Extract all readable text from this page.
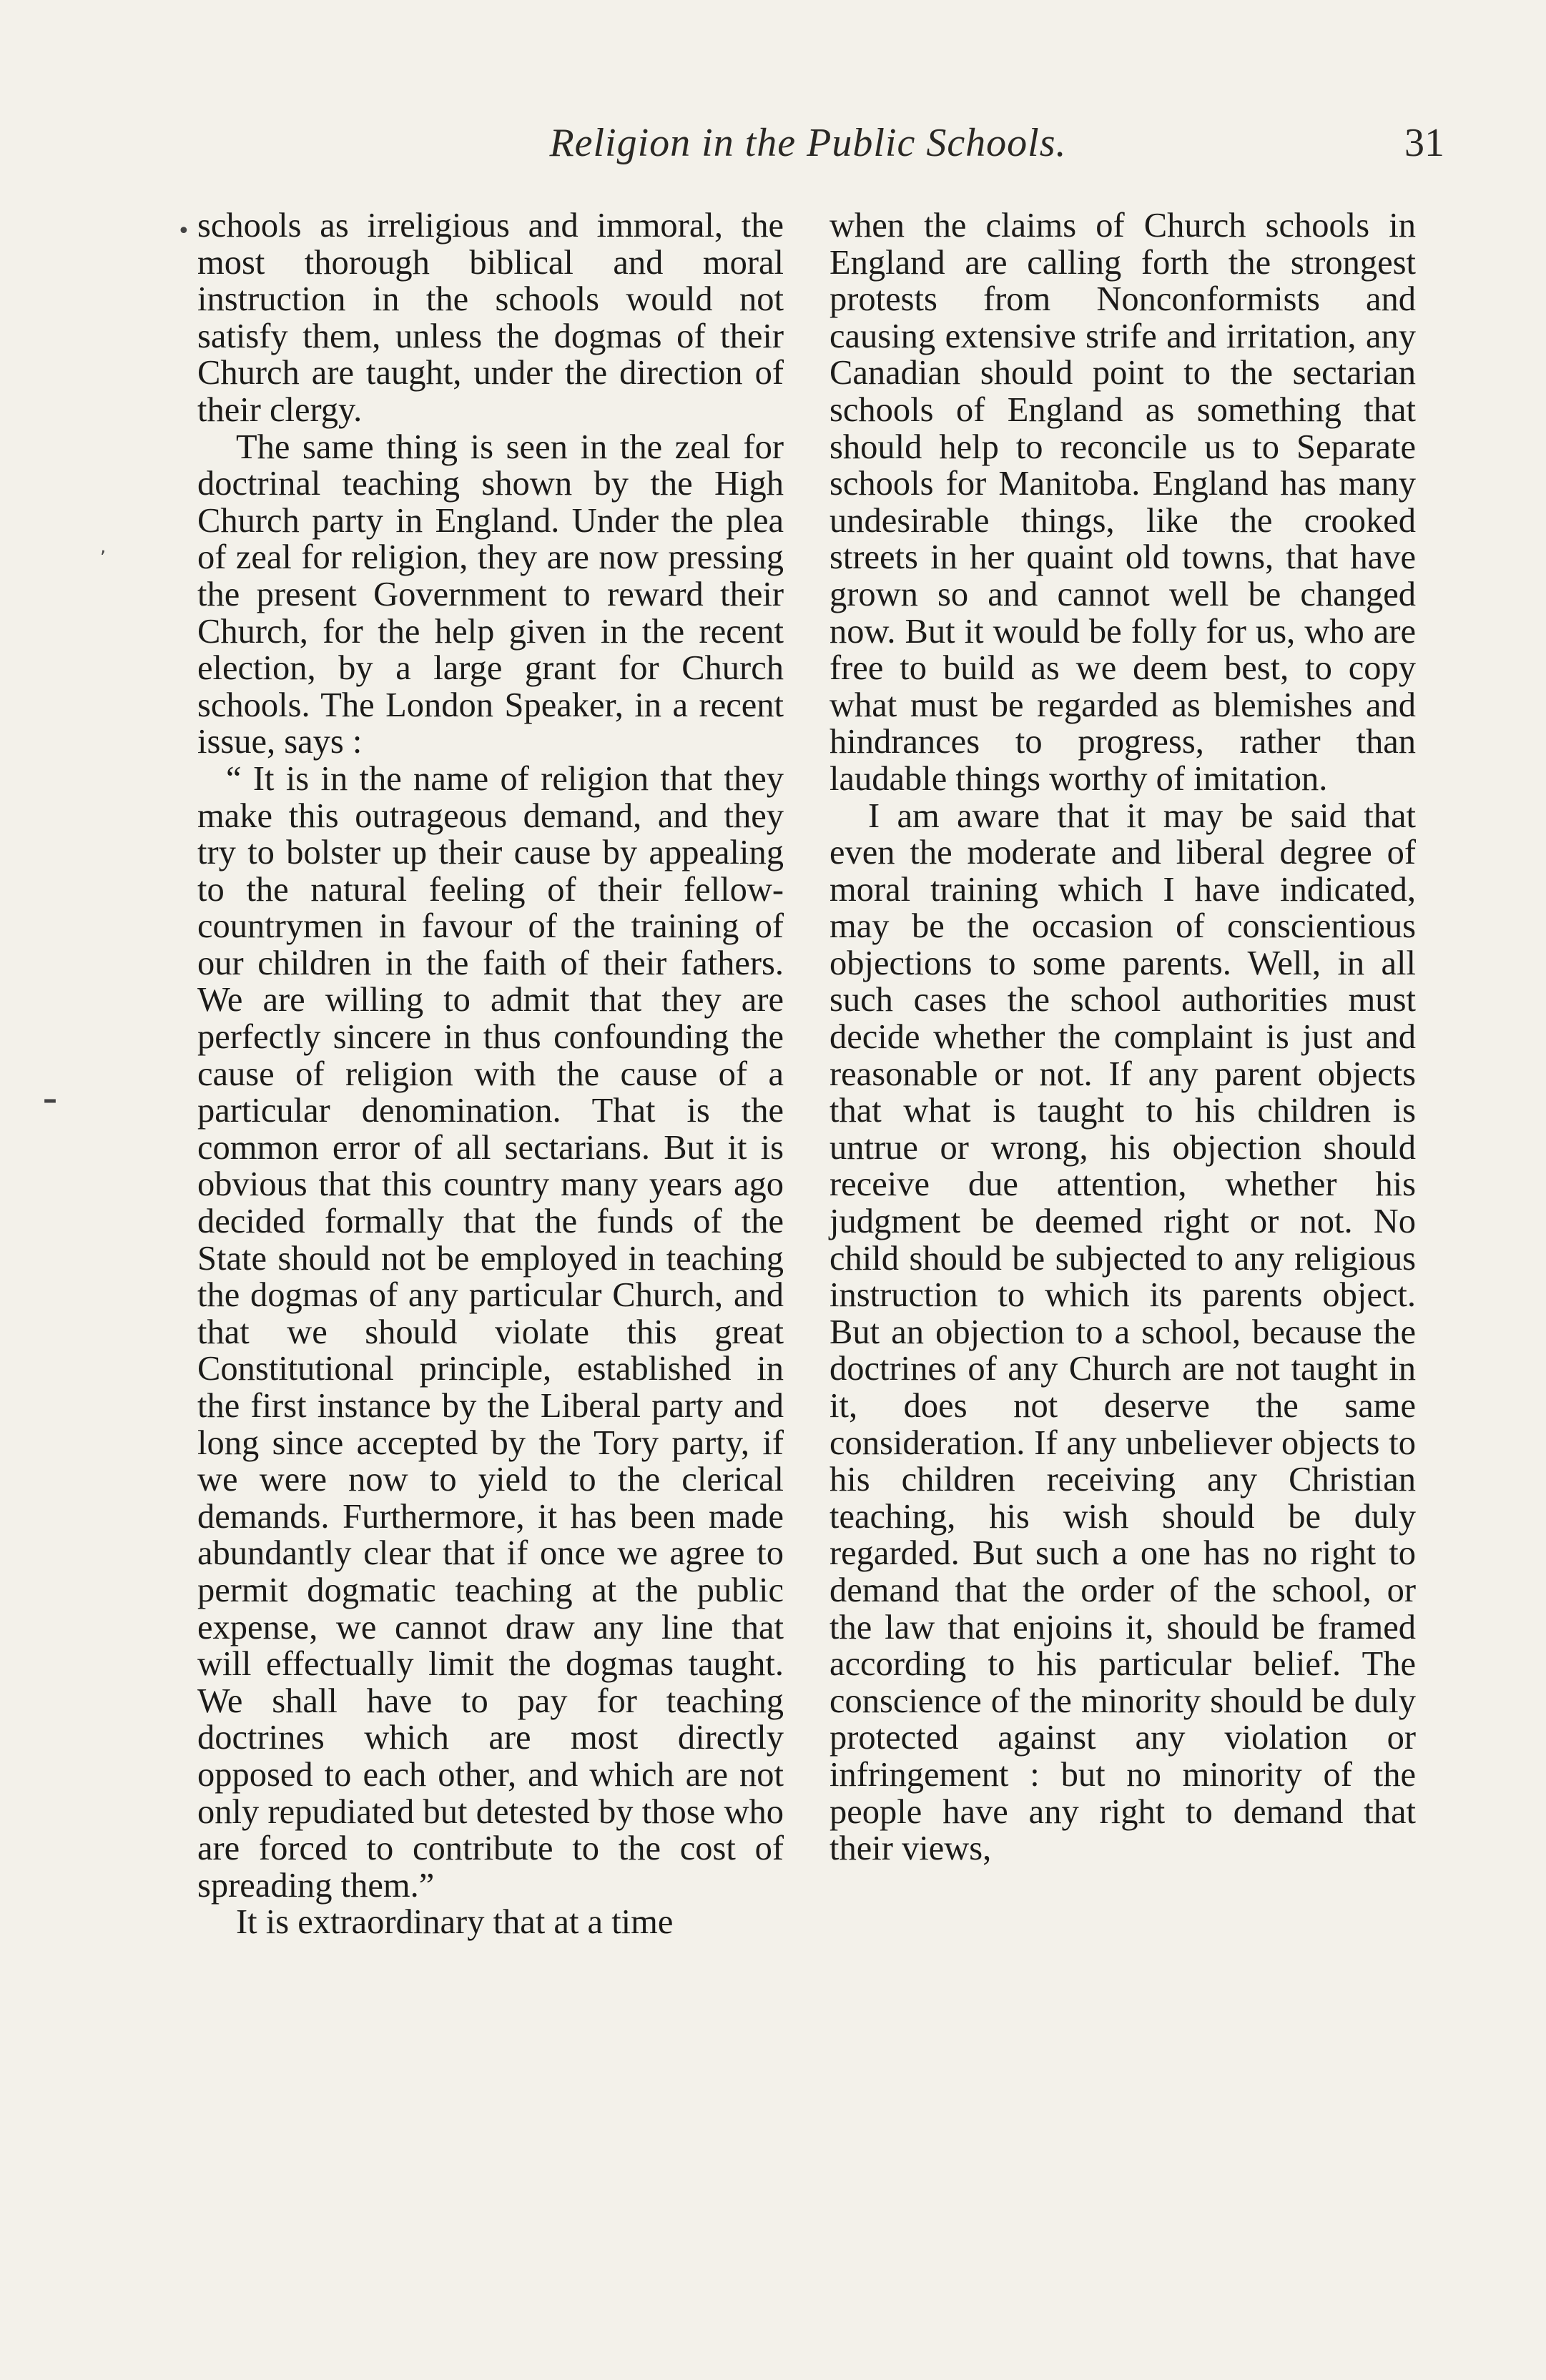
Religion in the Public Schools.	31
•
,
–

schools as irreligious and immoral, the most thorough biblical and moral instruction in the schools would not satisfy them, unless the dogmas of their Church are taught, under the direction of their clergy.

The same thing is seen in the zeal for doctrinal teaching shown by the High Church party in England. Under the plea of zeal for religion, they are now pressing the present Government to reward their Church, for the help given in the recent election, by a large grant for Church schools. The London Speaker, in a recent issue, says :

“ It is in the name of religion that they make this outrageous demand, and they try to bolster up their cause by appealing to the natural feeling of their fellow-countrymen in favour of the training of our children in the faith of their fathers. We are willing to admit that they are perfectly sincere in thus confounding the cause of religion with the cause of a particular denomination. That is the common error of all sectarians. But it is obvious that this country many years ago decided formally that the funds of the State should not be employed in teaching the dogmas of any particular Church, and that we should violate this great Constitutional principle, established in the first instance by the Liberal party and long since accepted by the Tory party, if we were now to yield to the clerical demands. Furthermore, it has been made abundantly clear that if once we agree to permit dogmatic teaching at the public expense, we cannot draw any line that will effectually limit the dogmas taught. We shall have to pay for teaching doctrines which are most directly opposed to each other, and which are not only repudiated but detested by those who are forced to contribute to the cost of spreading them.”

It is extraordinary that at a time

when the claims of Church schools in England are calling forth the strongest protests from Nonconformists and causing extensive strife and irritation, any Canadian should point to the sectarian schools of England as something that should help to reconcile us to Separate schools for Manitoba. England has many undesirable things, like the crooked streets in her quaint old towns, that have grown so and cannot well be changed now. But it would be folly for us, who are free to build as we deem best, to copy what must be regarded as blemishes and hindrances to progress, rather than laudable things worthy of imitation.

I am aware that it may be said that even the moderate and liberal degree of moral training which I have indicated, may be the occasion of conscientious objections to some parents. Well, in all such cases the school authorities must decide whether the complaint is just and reasonable or not. If any parent objects that what is taught to his children is untrue or wrong, his objection should receive due attention, whether his judgment be deemed right or not. No child should be subjected to any religious instruction to which its parents object. But an objection to a school, because the doctrines of any Church are not taught in it, does not deserve the same consideration. If any unbeliever objects to his children receiving any Christian teaching, his wish should be duly regarded. But such a one has no right to demand that the order of the school, or the law that enjoins it, should be framed according to his particular belief. The conscience of the minority should be duly protected against any violation or infringement : but no minority of the people have any right to demand that their views,
